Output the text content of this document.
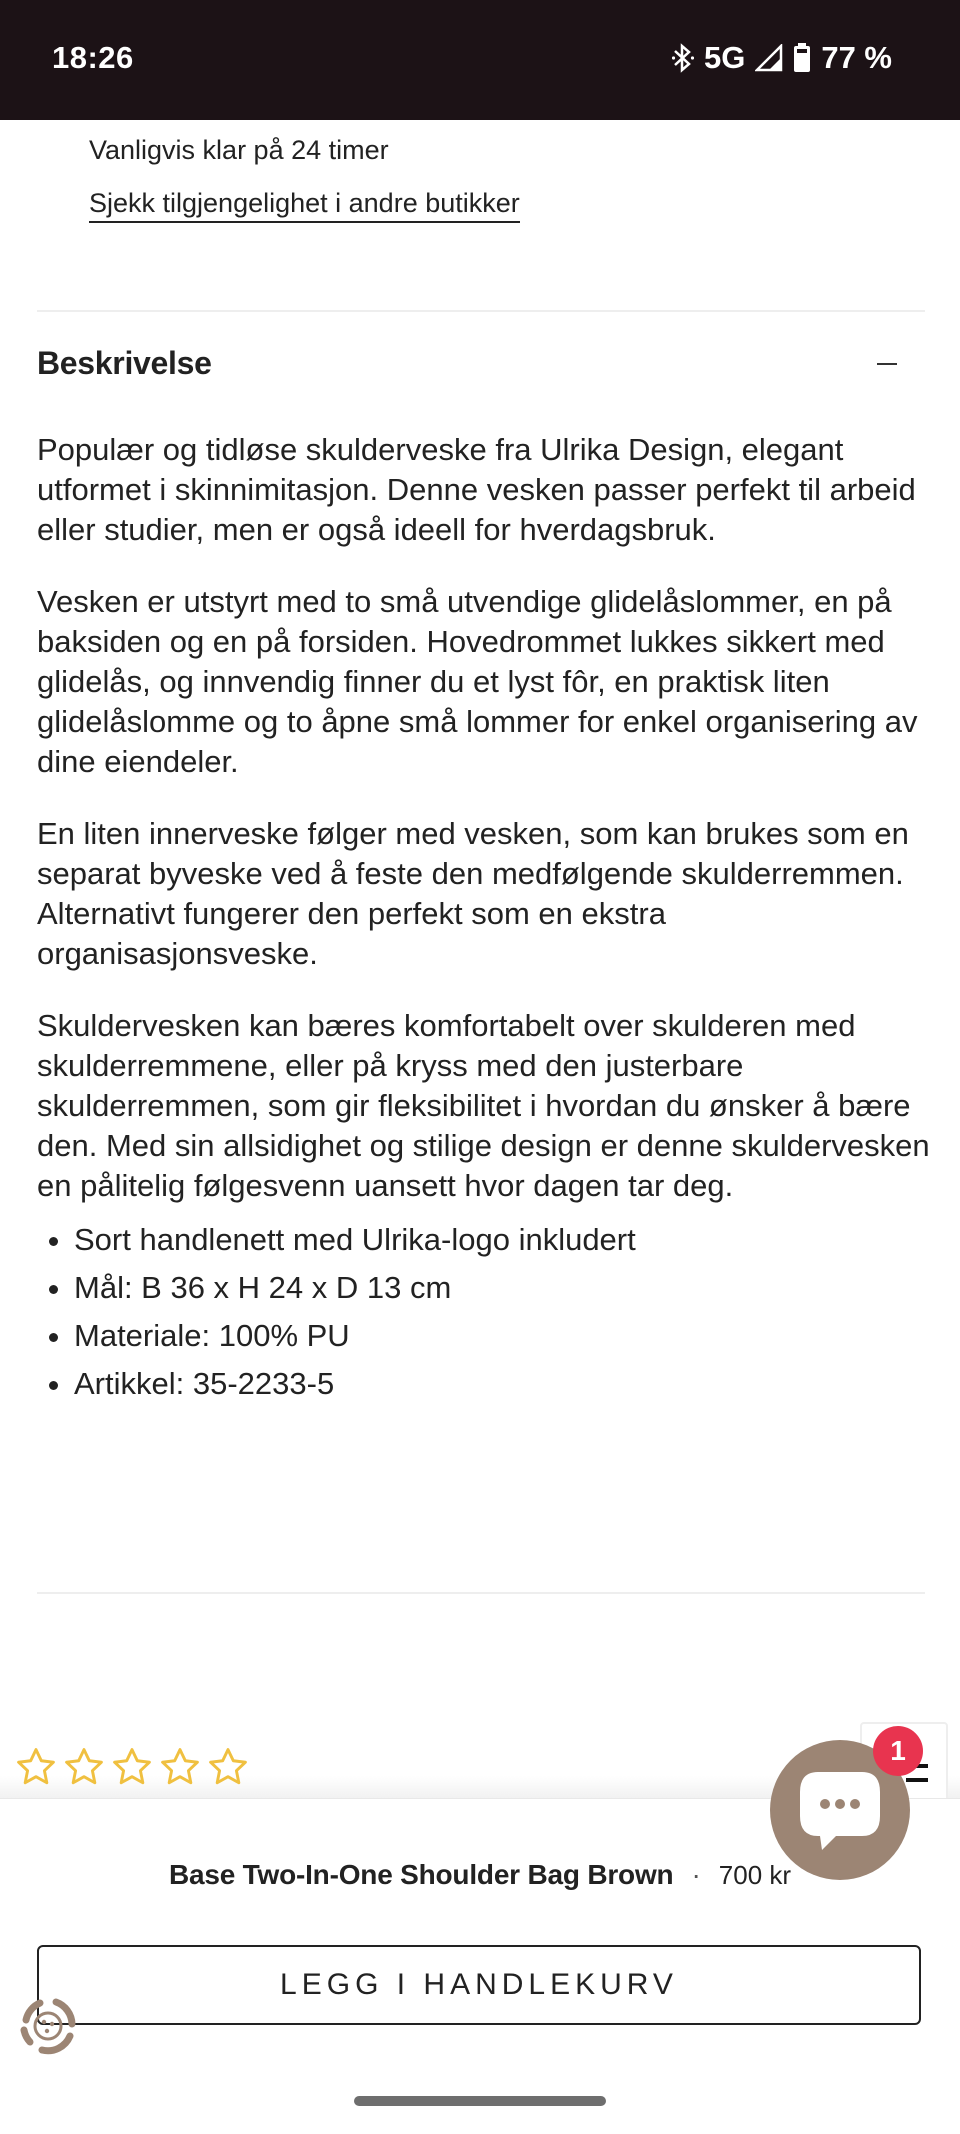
18:26	5G 77 %
Vanligvis klar på 24 timer
Sjekk tilgjengelighet i andre butikker
Beskrivelse

Populær og tidløse skulderveske fra Ulrika Design, elegant utformet i skinnimitasjon. Denne vesken passer perfekt til arbeid eller studier, men er også ideell for hverdagsbruk.

Vesken er utstyrt med to små utvendige glidelåslommer, en på baksiden og en på forsiden. Hovedrommet lukkes sikkert med glidelås, og innvendig finner du et lyst fôr, en praktisk liten glidelåslomme og to åpne små lommer for enkel organisering av dine eiendeler.

En liten innerveske følger med vesken, som kan brukes som en separat byveske ved å feste den medfølgende skulderremmen. Alternativt fungerer den perfekt som en ekstra organisasjonsveske.

Skuldervesken kan bæres komfortabelt over skulderen med skulderremmene, eller på kryss med den justerbare skulderremmen, som gir fleksibilitet i hvordan du ønsker å bære den. Med sin allsidighet og stilige design er denne skuldervesken en pålitelig følgesvenn uansett hvor dagen tar deg.

• Sort handlenett med Ulrika-logo inkludert
• Mål: B 36 x H 24 x D 13 cm
• Materiale: 100% PU
• Artikkel: 35-2233-5
Base Two-In-One Shoulder Bag Brown · 700 kr
LEGG I HANDLEKURV
1
